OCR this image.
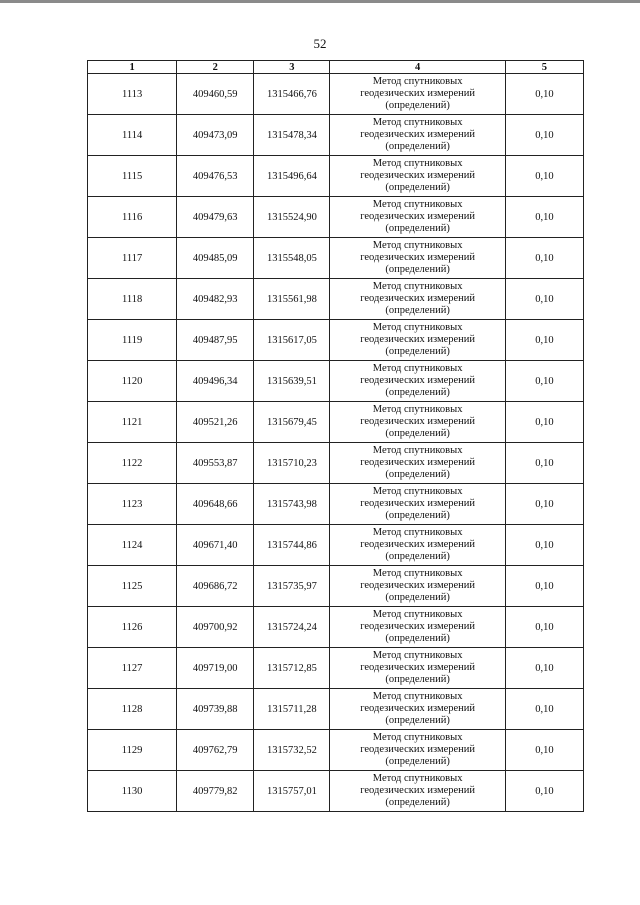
52
1	2	3	4	5
1113	409460,59	1315466,76	Метод спутниковых
геодезических измерений
(определений)	0,10
1114	409473,09	1315478,34	Метод спутниковых
геодезических измерений
(определений)	0,10
1115	409476,53	1315496,64	Метод спутниковых
геодезических измерений
(определений)	0,10
1116	409479,63	1315524,90	Метод спутниковых
геодезических измерений
(определений)	0,10
1117	409485,09	1315548,05	Метод спутниковых
геодезических измерений
(определений)	0,10
1118	409482,93	1315561,98	Метод спутниковых
геодезических измерений
(определений)	0,10
1119	409487,95	1315617,05	Метод спутниковых
геодезических измерений
(определений)	0,10
1120	409496,34	1315639,51	Метод спутниковых
геодезических измерений
(определений)	0,10
1121	409521,26	1315679,45	Метод спутниковых
геодезических измерений
(определений)	0,10
1122	409553,87	1315710,23	Метод спутниковых
геодезических измерений
(определений)	0,10
1123	409648,66	1315743,98	Метод спутниковых
геодезических измерений
(определений)	0,10
1124	409671,40	1315744,86	Метод спутниковых
геодезических измерений
(определений)	0,10
1125	409686,72	1315735,97	Метод спутниковых
геодезических измерений
(определений)	0,10
1126	409700,92	1315724,24	Метод спутниковых
геодезических измерений
(определений)	0,10
1127	409719,00	1315712,85	Метод спутниковых
геодезических измерений
(определений)	0,10
1128	409739,88	1315711,28	Метод спутниковых
геодезических измерений
(определений)	0,10
1129	409762,79	1315732,52	Метод спутниковых
геодезических измерений
(определений)	0,10
1130	409779,82	1315757,01	Метод спутниковых
геодезических измерений
(определений)	0,10
